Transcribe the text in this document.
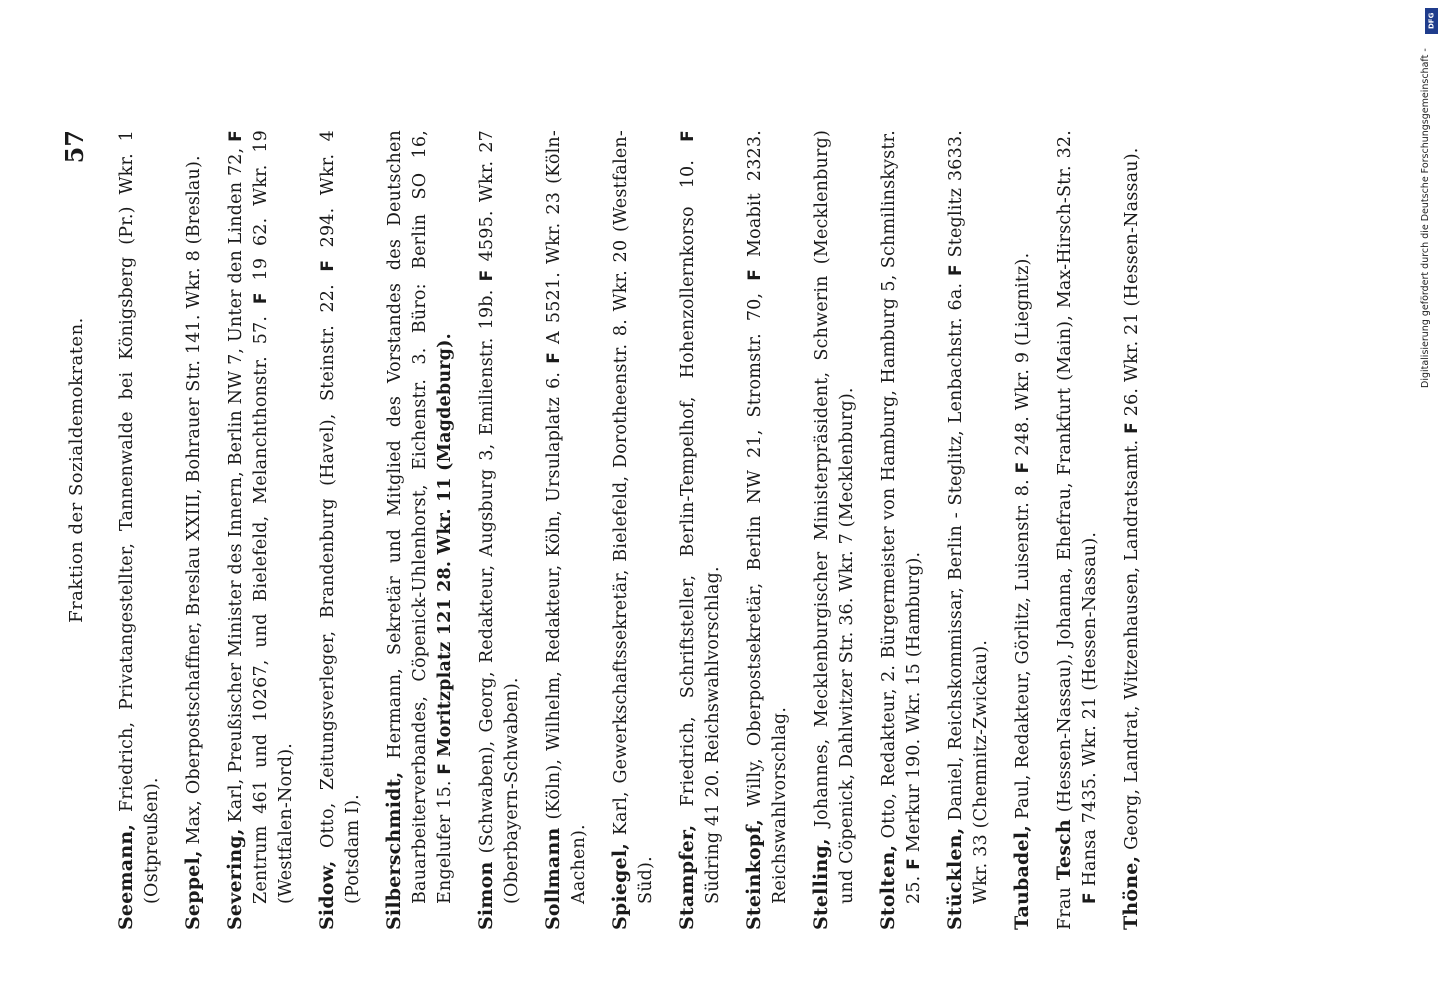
Fraktion der Sozialdemokraten.
57

Seemann, Friedrich, Privatangestellter, Tannenwalde bei Königsberg (Pr.) Wkr. 1 (Ostpreußen). Seppel, Max, Oberpostschaffner, Breslau XXIII, Bohrauer Str. 141. Wkr. 8 (Breslau).

Severing, Karl, Preußischer Minister des Innern, Berlin NW 7, Unter den Linden 72, F Zentrum 461 und 10267, und Bielefeld, Melanchthonstr. 57. F 19 62. Wkr. 19 (Westfalen-Nord). Sidow, Otto, Zeitungsverleger, Brandenburg (Havel), Steinstr. 22. F 294. Wkr. 4 (Potsdam I). Silberschmidt, Hermann, Sekretär und Mitglied des Vorstandes des Deutschen Bauarbeiterverbandes, Cöpenick-Uhlenhorst, Eichenstr. 3. Büro: Berlin SO 16, Engelufer 15. F Moritzplatz 121 28. Wkr. 11 (Magdeburg).

Simon (Schwaben), Georg, Redakteur, Augsburg 3, Emilienstr. 19b. F 4595. Wkr. 27 (Oberbayern-Schwaben). Sollmann (Köln), Wilhelm, Redakteur, Köln, Ursulaplatz 6. F A 5521. Wkr. 23 (Köln-Aachen). Spiegel, Karl, Gewerkschaftssekretär, Bielefeld, Dorotheenstr. 8. Wkr. 20 (Westfalen-Süd). Stampfer, Friedrich, Schriftsteller, Berlin-Tempelhof, Hohenzollernkorso 10. F Südring 41 20. Reichswahlvorschlag. Steinkopf, Willy, Oberpostsekretär, Berlin NW 21, Stromstr. 70, F Moabit 2323. Reichswahlvorschlag. Stelling, Johannes, Mecklenburgischer Ministerpräsident, Schwerin (Mecklenburg) und Cöpenick, Dahlwitzer Str. 36. Wkr. 7 (Mecklenburg). Stolten, Otto, Redakteur, 2. Bürgermeister von Hamburg, Hamburg 5, Schmilinskystr. 25. F Merkur 190. Wkr. 15 (Hamburg).

Stücklen, Daniel, Reichskommissar, Berlin - Steglitz, Lenbachstr. 6a. F Steglitz 3633. Wkr. 33 (Chemnitz-Zwickau). Taubadel, Paul, Redakteur, Görlitz, Luisenstr. 8. F 248. Wkr. 9 (Liegnitz).

Frau Tesch (Hessen-Nassau), Johanna, Ehefrau, Frankfurt (Main), Max-Hirsch-Str. 32. F Hansa 7435. Wkr. 21 (Hessen-Nassau).

Thöne, Georg, Landrat, Witzenhausen, Landratsamt. F 26. Wkr. 21 (Hessen-Nassau).	Digitalisierung gefördert durch die Deutsche Forschungsgemeinschaft -
DFG
